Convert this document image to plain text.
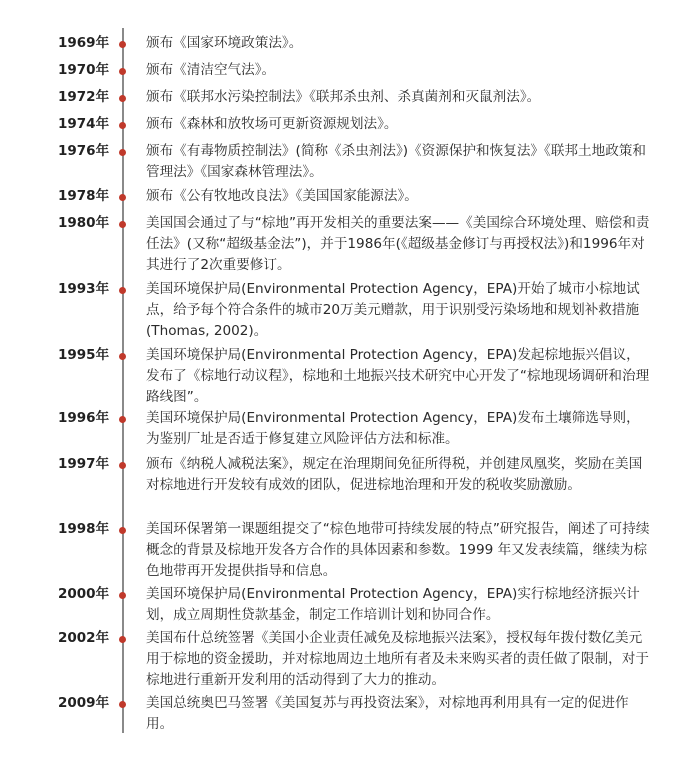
1969年	颁布《国家环境政策法》。
1970年	颁布《清洁空气法》。
1972年	颁布《联邦水污染控制法》《联邦杀虫剂、杀真菌剂和灭鼠剂法》。
1974年	颁布《森林和放牧场可更新资源规划法》。
1976年	颁布《有毒物质控制法》(简称《杀虫剂法》)《资源保护和恢复法》《联邦土地政策和管理法》《国家森林管理法》。
1978年	颁布《公有牧地改良法》《美国国家能源法》。
1980年	美国国会通过了与“棕地”再开发相关的重要法案——《美国综合环境处理、赔偿和责任法》(又称“超级基金法”)，并于1986年(《超级基金修订与再授权法》)和1996年对其进行了2次重要修订。
1993年	美国环境保护局(Environmental Protection Agency，EPA)开始了城市小棕地试点，给予每个符合条件的城市20万美元赠款，用于识别受污染场地和规划补救措施(Thomas, 2002)。
1995年	美国环境保护局(Environmental Protection Agency，EPA)发起棕地振兴倡议，发布了《棕地行动议程》，棕地和土地振兴技术研究中心开发了“棕地现场调研和治理路线图”。
1996年	美国环境保护局(Environmental Protection Agency，EPA)发布土壤筛选导则，为鉴别厂址是否适于修复建立风险评估方法和标准。
1997年	颁布《纳税人减税法案》，规定在治理期间免征所得税，并创建凤凰奖，奖励在美国对棕地进行开发较有成效的团队，促进棕地治理和开发的税收奖励激励。
1998年	美国环保署第一课题组提交了“棕色地带可持续发展的特点”研究报告，阐述了可持续概念的背景及棕地开发各方合作的具体因素和参数。1999 年又发表续篇，继续为棕色地带再开发提供指导和信息。
2000年	美国环境保护局(Environmental Protection Agency，EPA)实行棕地经济振兴计划，成立周期性贷款基金，制定工作培训计划和协同合作。
2002年	美国布什总统签署《美国小企业责任减免及棕地振兴法案》，授权每年拨付数亿美元用于棕地的资金援助，并对棕地周边土地所有者及未来购买者的责任做了限制，对于棕地进行重新开发利用的活动得到了大力的推动。
2009年	美国总统奥巴马签署《美国复苏与再投资法案》，对棕地再利用具有一定的促进作用。
